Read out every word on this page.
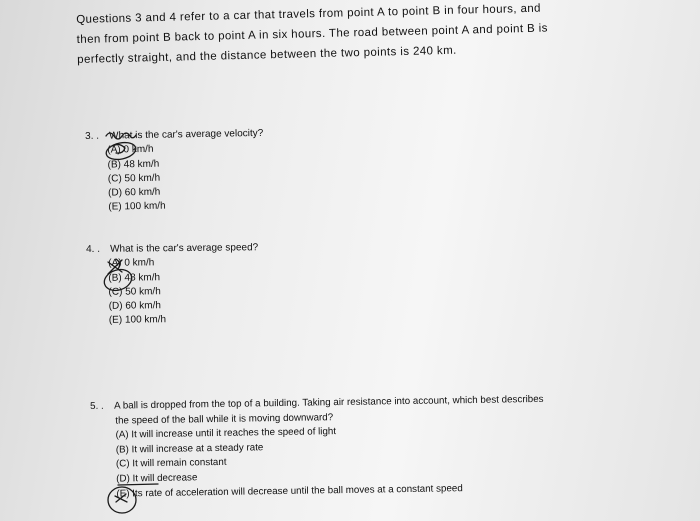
Questions 3 and 4 refer to a car that travels from point A to point B in four hours, and
then from point B back to point A in six hours. The road between point A and point B is
perfectly straight, and the distance between the two points is 240 km.
3. . What is the car's average velocity?
(A) 0 km/h
(B) 48 km/h
(C) 50 km/h
(D) 60 km/h
(E) 100 km/h
4. . What is the car's average speed?
(A) 0 km/h
(B) 48 km/h
(C) 50 km/h
(D) 60 km/h
(E) 100 km/h
5. . A ball is dropped from the top of a building. Taking air resistance into account, which best describes
the speed of the ball while it is moving downward?
(A) It will increase until it reaches the speed of light
(B) It will increase at a steady rate
(C) It will remain constant
(D) It will decrease
(E) Its rate of acceleration will decrease until the ball moves at a constant speed
